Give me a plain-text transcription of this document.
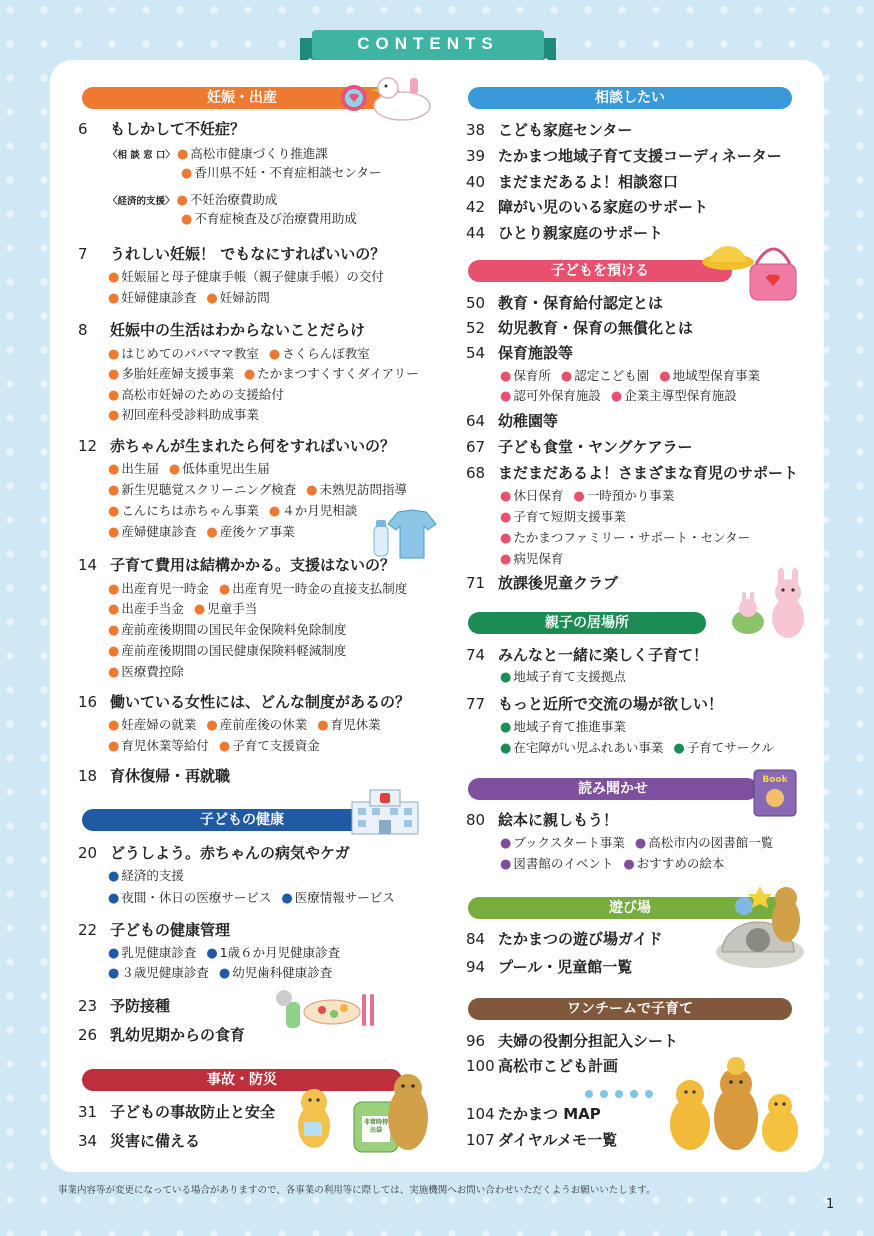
CONTENTS
妊娠・出産
6 もしかして不妊症？
〈相 談 窓 口〉 ● 高松市健康づくり推進課
● 香川県不妊・不育症相談センター
〈経済的支援〉 ● 不妊治療費助成
● 不育症検査及び治療費用助成
7 うれしい妊娠！ でもなにすればいいの？
● 妊娠届と母子健康手帳（親子健康手帳）の交付
● 妊婦健康診査 ● 妊婦訪問
8 妊娠中の生活はわからないことだらけ
● はじめてのパパママ教室 ● さくらんぼ教室
● 多胎妊産婦支援事業 ● たかまつすくすくダイアリー
● 高松市妊婦のための支援給付
● 初回産科受診料助成事業
12 赤ちゃんが生まれたら何をすればいいの？
● 出生届 ● 低体重児出生届
● 新生児聴覚スクリーニング検査 ● 未熟児訪問指導
● こんにちは赤ちゃん事業 ● ４か月児相談
● 産婦健康診査 ● 産後ケア事業
14 子育て費用は結構かかる。支援はないの？
● 出産育児一時金 ● 出産育児一時金の直接支払制度
● 出産手当金 ● 児童手当
● 産前産後期間の国民年金保険料免除制度
● 産前産後期間の国民健康保険料軽減制度
● 医療費控除
16 働いている女性には、どんな制度があるの？
● 妊産婦の就業 ● 産前産後の休業 ● 育児休業
● 育児休業等給付 ● 子育て支援資金
18 育休復帰・再就職
子どもの健康
20 どうしよう。赤ちゃんの病気やケガ
● 経済的支援
● 夜間・休日の医療サービス ● 医療情報サービス
22 子どもの健康管理
● 乳児健康診査 ● 1歳６か月児健康診査
● ３歳児健康診査 ● 幼児歯科健康診査
23 予防接種
26 乳幼児期からの食育
事故・防災
31 子どもの事故防止と安全
34 災害に備える
非常時持出袋
相談したい
38 こども家庭センター
39 たかまつ地域子育て支援コーディネーター
40 まだまだあるよ！相談窓口
42 障がい児のいる家庭のサポート
44 ひとり親家庭のサポート
子どもを預ける
50 教育・保育給付認定とは
52 幼児教育・保育の無償化とは
54 保育施設等
● 保育所 ● 認定こども園 ● 地域型保育事業
● 認可外保育施設 ● 企業主導型保育施設
64 幼稚園等
67 子ども食堂・ヤングケアラー
68 まだまだあるよ！さまざまな育児のサポート
● 休日保育 ● 一時預かり事業
● 子育て短期支援事業
● たかまつファミリー・サポート・センター
● 病児保育
71 放課後児童クラブ
親子の居場所
74 みんなと一緒に楽しく子育て！
● 地域子育て支援拠点
77 もっと近所で交流の場が欲しい！
● 地域子育て推進事業
● 在宅障がい児ふれあい事業 ● 子育てサークル
読み聞かせ
Book
80 絵本に親しもう！
● ブックスタート事業 ● 高松市内の図書館一覧
● 図書館のイベント ● おすすめの絵本
遊び場
84 たかまつの遊び場ガイド
94 プール・児童館一覧
ワンチームで子育て
96 夫婦の役割分担記入シート
100 高松市こども計画
104 たかまつ MAP
107 ダイヤルメモ一覧
事業内容等が変更になっている場合がありますので、各事業の利用等に際しては、実施機関へお問い合わせいただくようお願いいたします。
1
